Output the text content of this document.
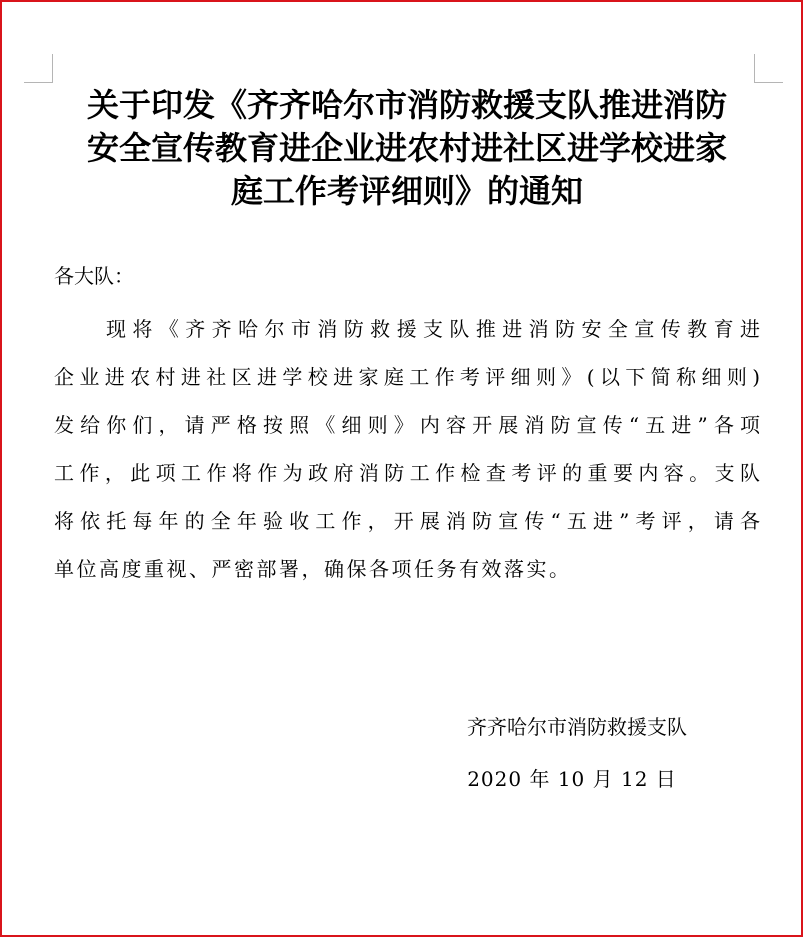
关于印发《齐齐哈尔市消防救援支队推进消防
安全宣传教育进企业进农村进社区进学校进家
庭工作考评细则》的通知

各大队：

现将《齐齐哈尔市消防救援支队推进消防安全宣传教育进
企业进农村进社区进学校进家庭工作考评细则》(以下简称细则)
发给你们，请严格按照《细则》内容开展消防宣传“五进”各项
工作，此项工作将作为政府消防工作检查考评的重要内容。支队
将依托每年的全年验收工作，开展消防宣传“五进”考评，请各
单位高度重视、严密部署，确保各项任务有效落实。

齐齐哈尔市消防救援支队

2020 年 10 月 12 日
